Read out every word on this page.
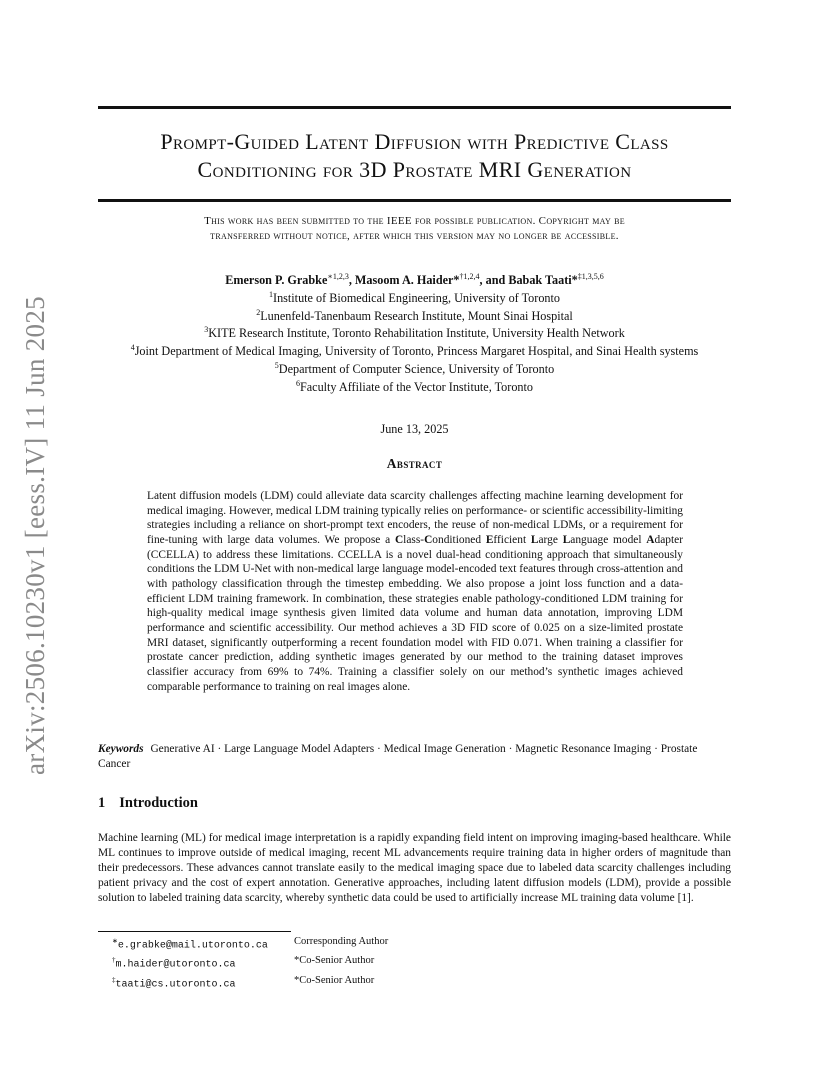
arXiv:2506.10230v1 [eess.IV] 11 Jun 2025
Prompt-Guided Latent Diffusion with Predictive Class Conditioning for 3D Prostate MRI Generation
This work has been submitted to the IEEE for possible publication. Copyright may be
transferred without notice, after which this version may no longer be accessible.
Emerson P. Grabke$^{∗1,2,3}$, Masoom A. Haider*$^{\dagger 1,2,4}$, and Babak Taati*$^{\ddagger 1,3,5,6}$
$^1$Institute of Biomedical Engineering, University of Toronto
$^2$Lunenfeld-Tanenbaum Research Institute, Mount Sinai Hospital
$^3$KITE Research Institute, Toronto Rehabilitation Institute, University Health Network
$^4$Joint Department of Medical Imaging, University of Toronto, Princess Margaret Hospital, and Sinai Health systems
$^5$Department of Computer Science, University of Toronto
$^6$Faculty Affiliate of the Vector Institute, Toronto
June 13, 2025
Abstract
Latent diffusion models (LDM) could alleviate data scarcity challenges affecting machine learning development for medical imaging. However, medical LDM training typically relies on performance- or scientific accessibility-limiting strategies including a reliance on short-prompt text encoders, the reuse of non-medical LDMs, or a requirement for fine-tuning with large data volumes. We propose a Class-Conditioned Efficient Large Language model Adapter (CCELLA) to address these limitations. CCELLA is a novel dual-head conditioning approach that simultaneously conditions the LDM U-Net with non-medical large language model-encoded text features through cross-attention and with pathology classification through the timestep embedding. We also propose a joint loss function and a data-efficient LDM training framework. In combination, these strategies enable pathology-conditioned LDM training for high-quality medical image synthesis given limited data volume and human data annotation, improving LDM performance and scientific accessibility. Our method achieves a 3D FID score of 0.025 on a size-limited prostate MRI dataset, significantly outperforming a recent foundation model with FID 0.071. When training a classifier for prostate cancer prediction, adding synthetic images generated by our method to the training dataset improves classifier accuracy from 69% to 74%. Training a classifier solely on our method’s synthetic images achieved comparable performance to training on real images alone.
Keywords Generative AI · Large Language Model Adapters · Medical Image Generation · Magnetic Resonance Imaging · Prostate Cancer
1 Introduction
Machine learning (ML) for medical image interpretation is a rapidly expanding field intent on improving imaging-based healthcare. While ML continues to improve outside of medical imaging, recent ML advancements require training data in higher orders of magnitude than their predecessors. These advances cannot translate easily to the medical imaging space due to labeled data scarcity challenges including patient privacy and the cost of expert annotation. Generative approaches, including latent diffusion models (LDM), provide a possible solution to labeled training data scarcity, whereby synthetic data could be used to artificially increase ML training data volume [1].
∗e.grabke@mail.utoronto.ca	Corresponding Author
†m.haider@utoronto.ca	*Co-Senior Author
‡taati@cs.utoronto.ca	*Co-Senior Author
